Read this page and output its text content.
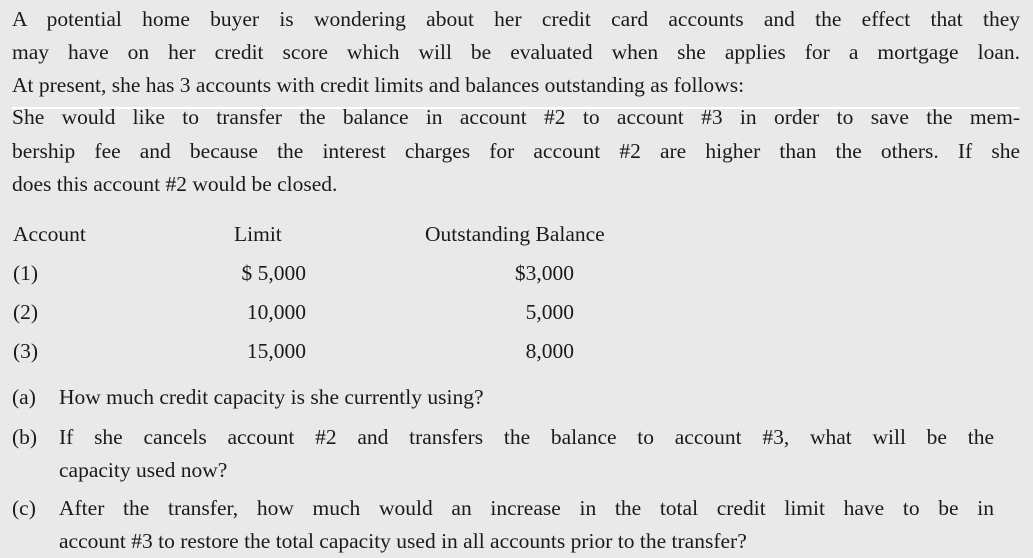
A potential home buyer is wondering about her credit card accounts and the effect that they
may have on her credit score which will be evaluated when she applies for a mortgage loan.
At present, she has 3 accounts with credit limits and balances outstanding as follows:
She would like to transfer the balance in account #2 to account #3 in order to save the mem-
bership fee and because the interest charges for account #2 are higher than the others. If she
does this account #2 would be closed.
Account	Limit	Outstanding Balance
(1)	$ 5,000	$3,000
(2)	10,000	5,000
(3)	15,000	8,000
(a) How much credit capacity is she currently using?
(b) If she cancels account #2 and transfers the balance to account #3, what will be the
capacity used now?
(c) After the transfer, how much would an increase in the total credit limit have to be in
account #3 to restore the total capacity used in all accounts prior to the transfer?
